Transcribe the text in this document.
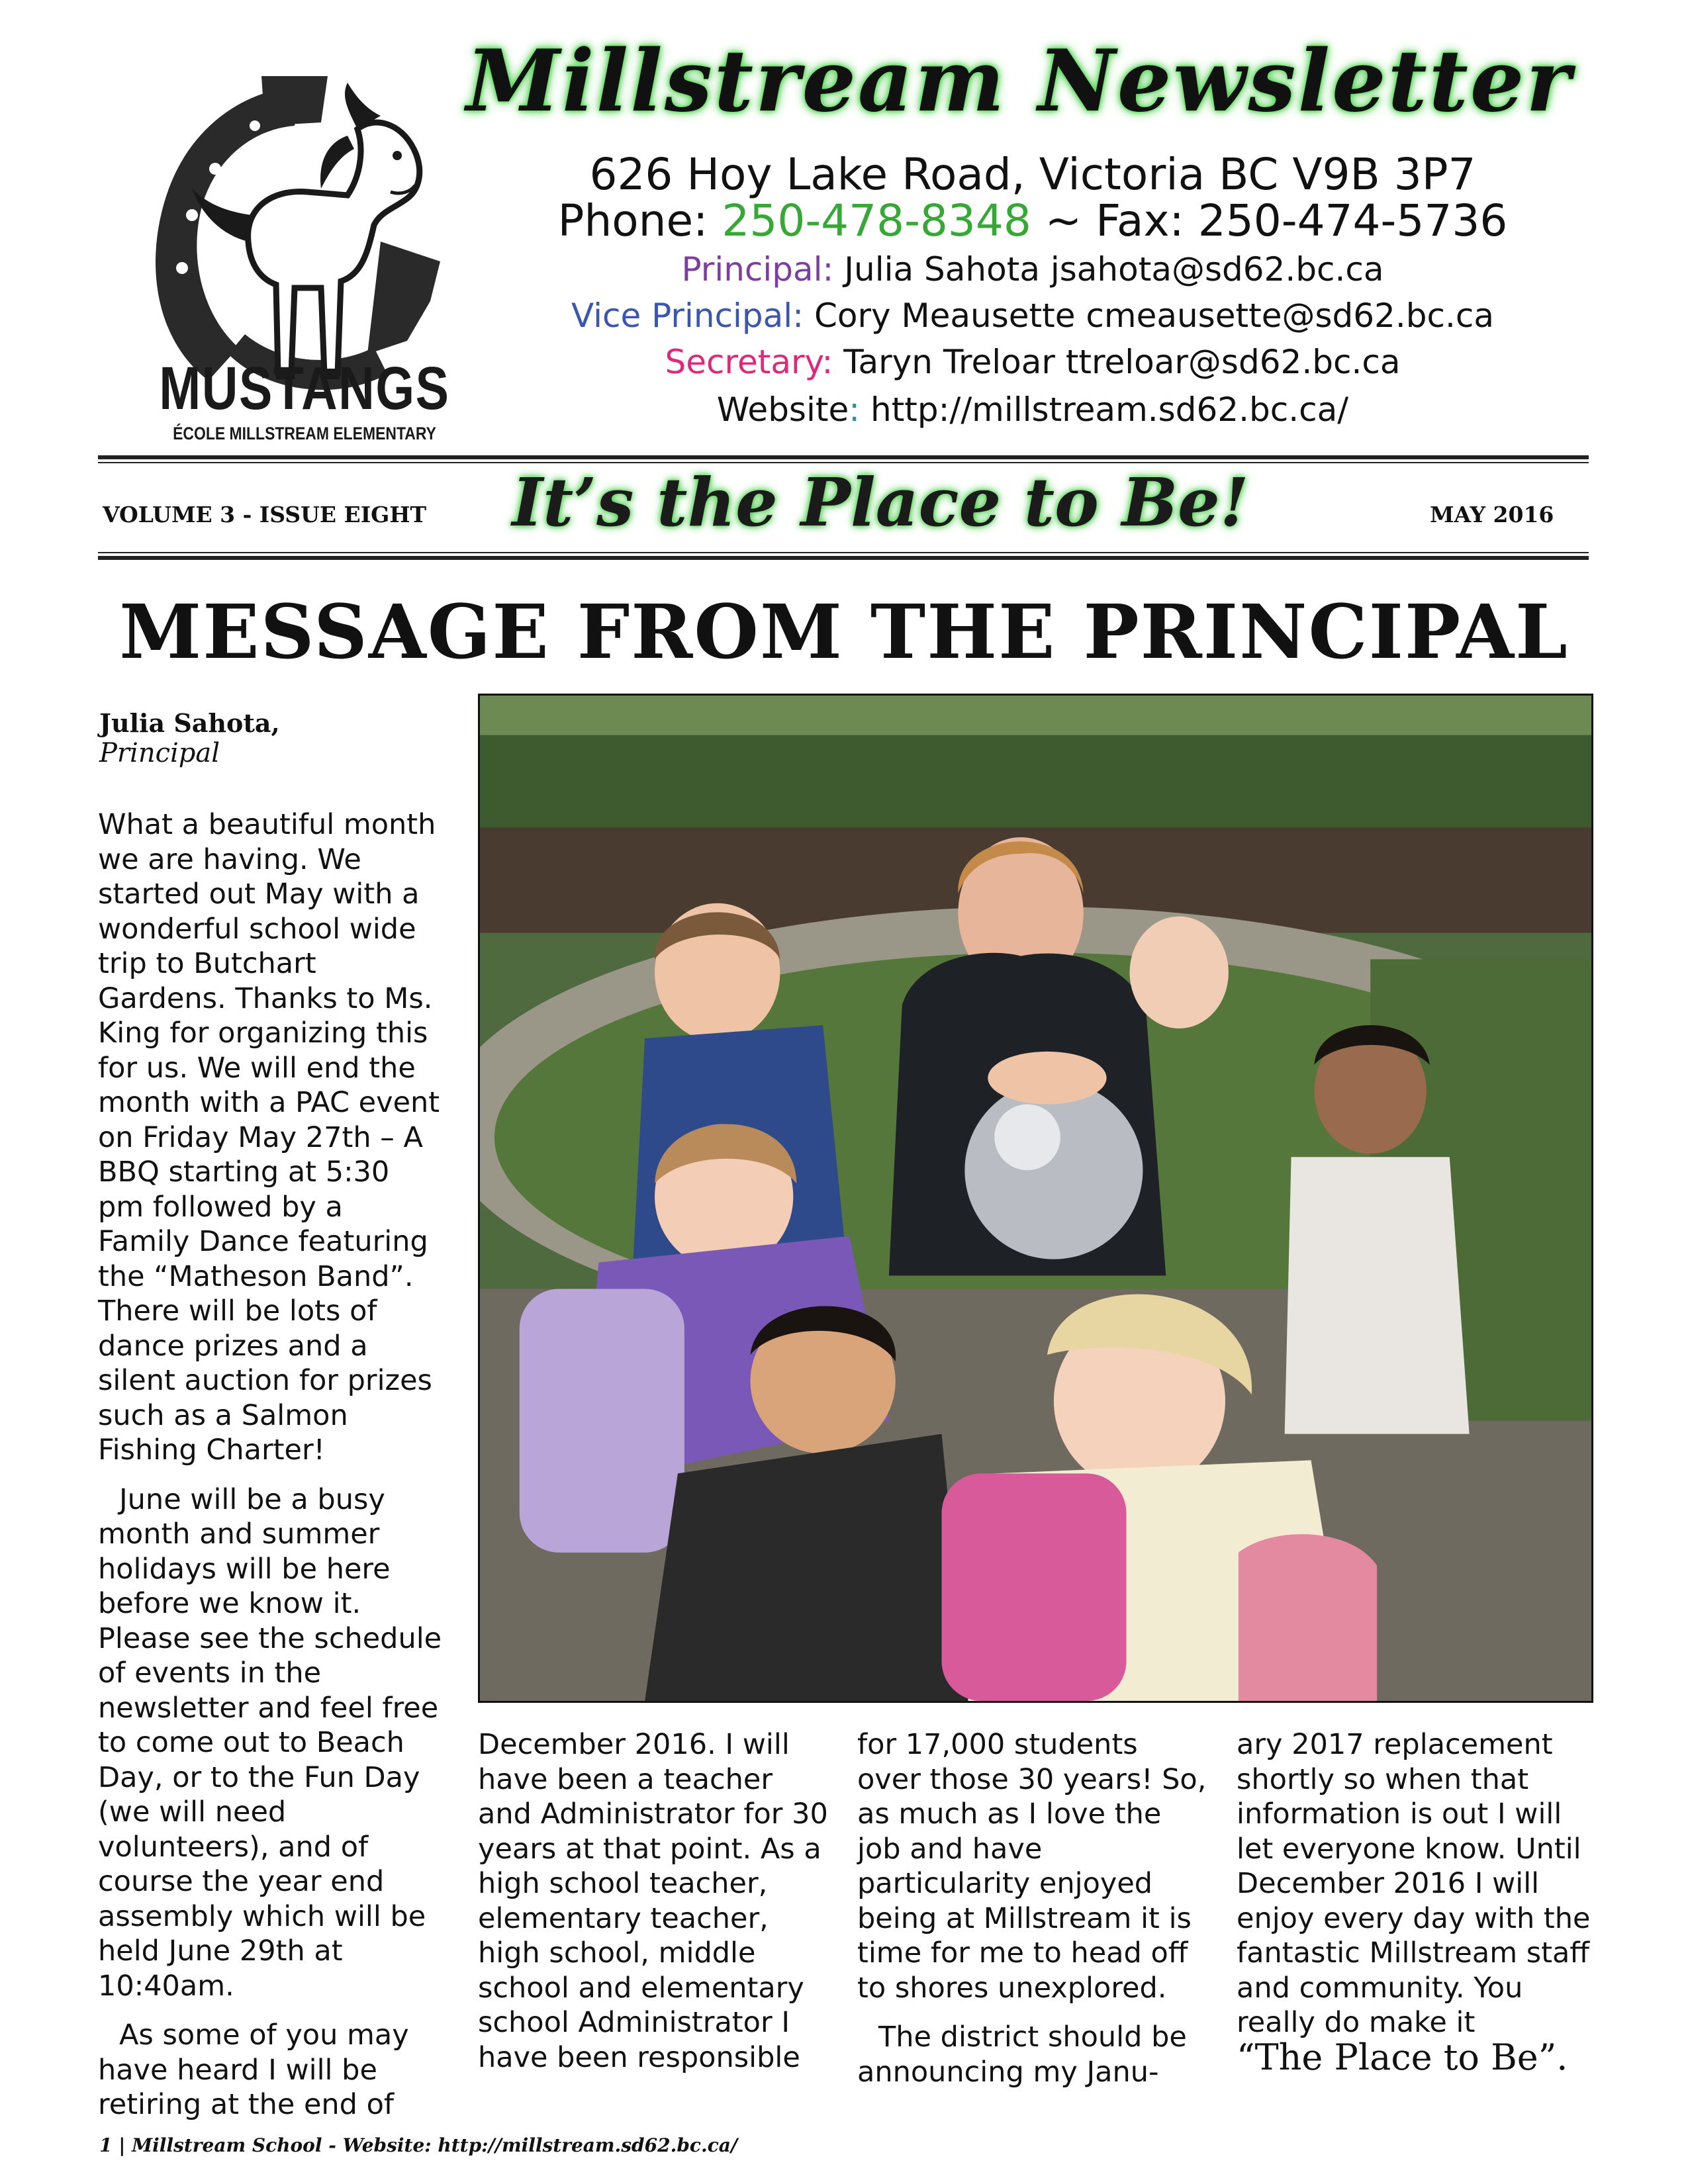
MUSTANGS
ÉCOLE MILLSTREAM ELEMENTARY
Millstream Newsletter
626 Hoy Lake Road, Victoria BC V9B 3P7
Phone: 250-478-8348 ~ Fax: 250-474-5736
Principal: Julia Sahota jsahota@sd62.bc.ca
Vice Principal: Cory Meausette cmeausette@sd62.bc.ca
Secretary: Taryn Treloar ttreloar@sd62.bc.ca
Website: http://millstream.sd62.bc.ca/
VOLUME 3 - ISSUE EIGHT	It’s the Place to Be!	MAY 2016
MESSAGE FROM THE PRINCIPAL
Julia Sahota,
Principal

What a beautiful month we are having. We started out May with a wonderful school wide trip to Butchart Gardens. Thanks to Ms. King for organizing this for us. We will end the month with a PAC event on Friday May 27th – A BBQ starting at 5:30 pm followed by a Family Dance featuring the “Matheson Band”. There will be lots of dance prizes and a silent auction for prizes such as a Salmon Fishing Charter!

June will be a busy month and summer holidays will be here before we know it. Please see the schedule of events in the newsletter and feel free to come out to Beach Day, or to the Fun Day (we will need volunteers), and of course the year end assembly which will be held June 29th at 10:40am.

As some of you may have heard I will be retiring at the end of

December 2016. I will have been a teacher and Administrator for 30 years at that point. As a high school teacher, elementary teacher, high school, middle school and elementary school Administrator I have been responsible

for 17,000 students over those 30 years! So, as much as I love the job and have particularity enjoyed being at Millstream it is time for me to head off to shores unexplored.

The district should be announcing my Janu-

ary 2017 replacement shortly so when that information is out I will let everyone know. Until December 2016 I will enjoy every day with the fantastic Millstream staff and community. You really do make it

“The Place to Be”.

1 | Millstream School - Website: http://millstream.sd62.bc.ca/
